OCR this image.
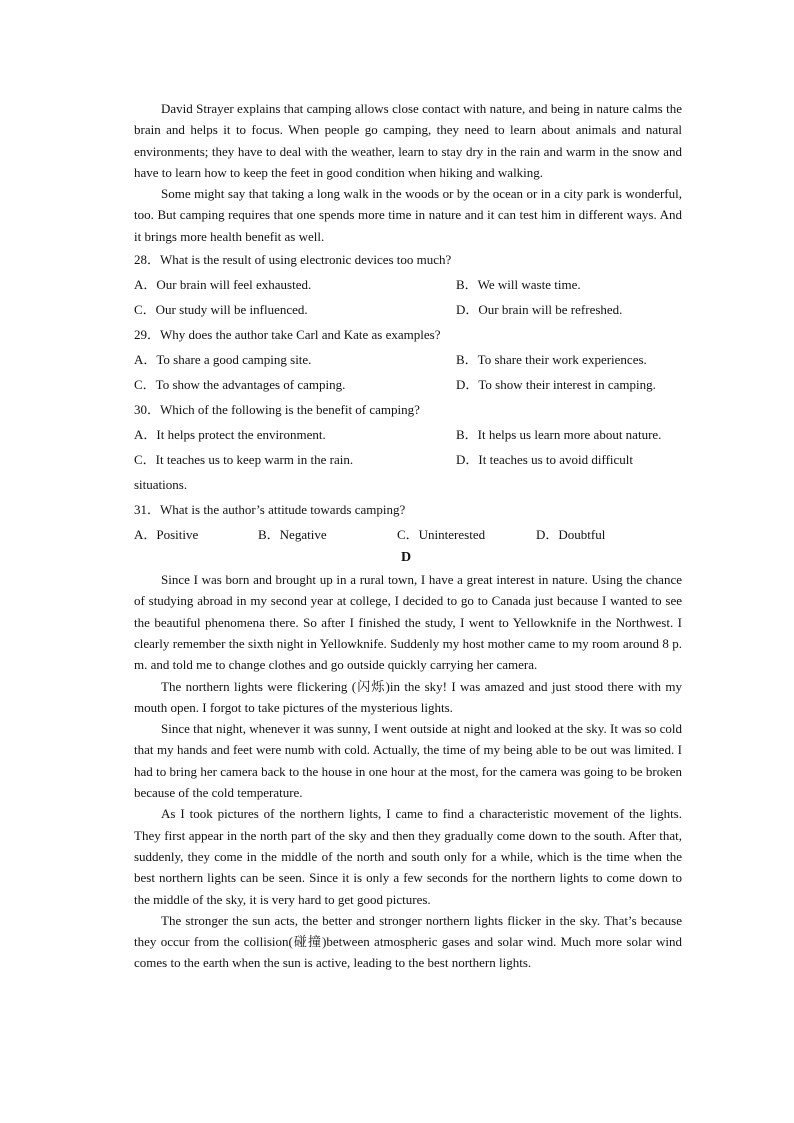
David Strayer explains that camping allows close contact with nature, and being in nature calms the brain and helps it to focus. When people go camping, they need to learn about animals and natural environments; they have to deal with the weather, learn to stay dry in the rain and warm in the snow and have to learn how to keep the feet in good condition when hiking and walking.

Some might say that taking a long walk in the woods or by the ocean or in a city park is wonderful, too. But camping requires that one spends more time in nature and it can test him in different ways. And it brings more health benefit as well.

28．What is the result of using electronic devices too much?

A．Our brain will feel exhausted.	B．We will waste time.
C．Our study will be influenced.	D．Our brain will be refreshed.

29．Why does the author take Carl and Kate as examples?

A．To share a good camping site.	B．To share their work experiences.
C．To show the advantages of camping.	D．To show their interest in camping.

30．Which of the following is the benefit of camping?

A．It helps protect the environment.	B．It helps us learn more about nature.
C．It teaches us to keep warm in the rain.	D．It teaches us to avoid difficult

situations.

31．What is the author’s attitude towards camping?

A．Positive	B．Negative	C．Uninterested	D．Doubtful

D

Since I was born and brought up in a rural town, I have a great interest in nature. Using the chance of studying abroad in my second year at college, I decided to go to Canada just because I wanted to see the beautiful phenomena there. So after I finished the study, I went to Yellowknife in the Northwest. I clearly remember the sixth night in Yellowknife. Suddenly my host mother came to my room around 8 p. m. and told me to change clothes and go outside quickly carrying her camera.

The northern lights were flickering (闪烁)in the sky! I was amazed and just stood there with my mouth open. I forgot to take pictures of the mysterious lights.

Since that night, whenever it was sunny, I went outside at night and looked at the sky. It was so cold that my hands and feet were numb with cold. Actually, the time of my being able to be out was limited. I had to bring her camera back to the house in one hour at the most, for the camera was going to be broken because of the cold temperature.

As I took pictures of the northern lights, I came to find a characteristic movement of the lights. They first appear in the north part of the sky and then they gradually come down to the south. After that, suddenly, they come in the middle of the north and south only for a while, which is the time when the best northern lights can be seen. Since it is only a few seconds for the northern lights to come down to the middle of the sky, it is very hard to get good pictures.

The stronger the sun acts, the better and stronger northern lights flicker in the sky. That’s because they occur from the collision(碰撞)between atmospheric gases and solar wind. Much more solar wind comes to the earth when the sun is active, leading to the best northern lights.
